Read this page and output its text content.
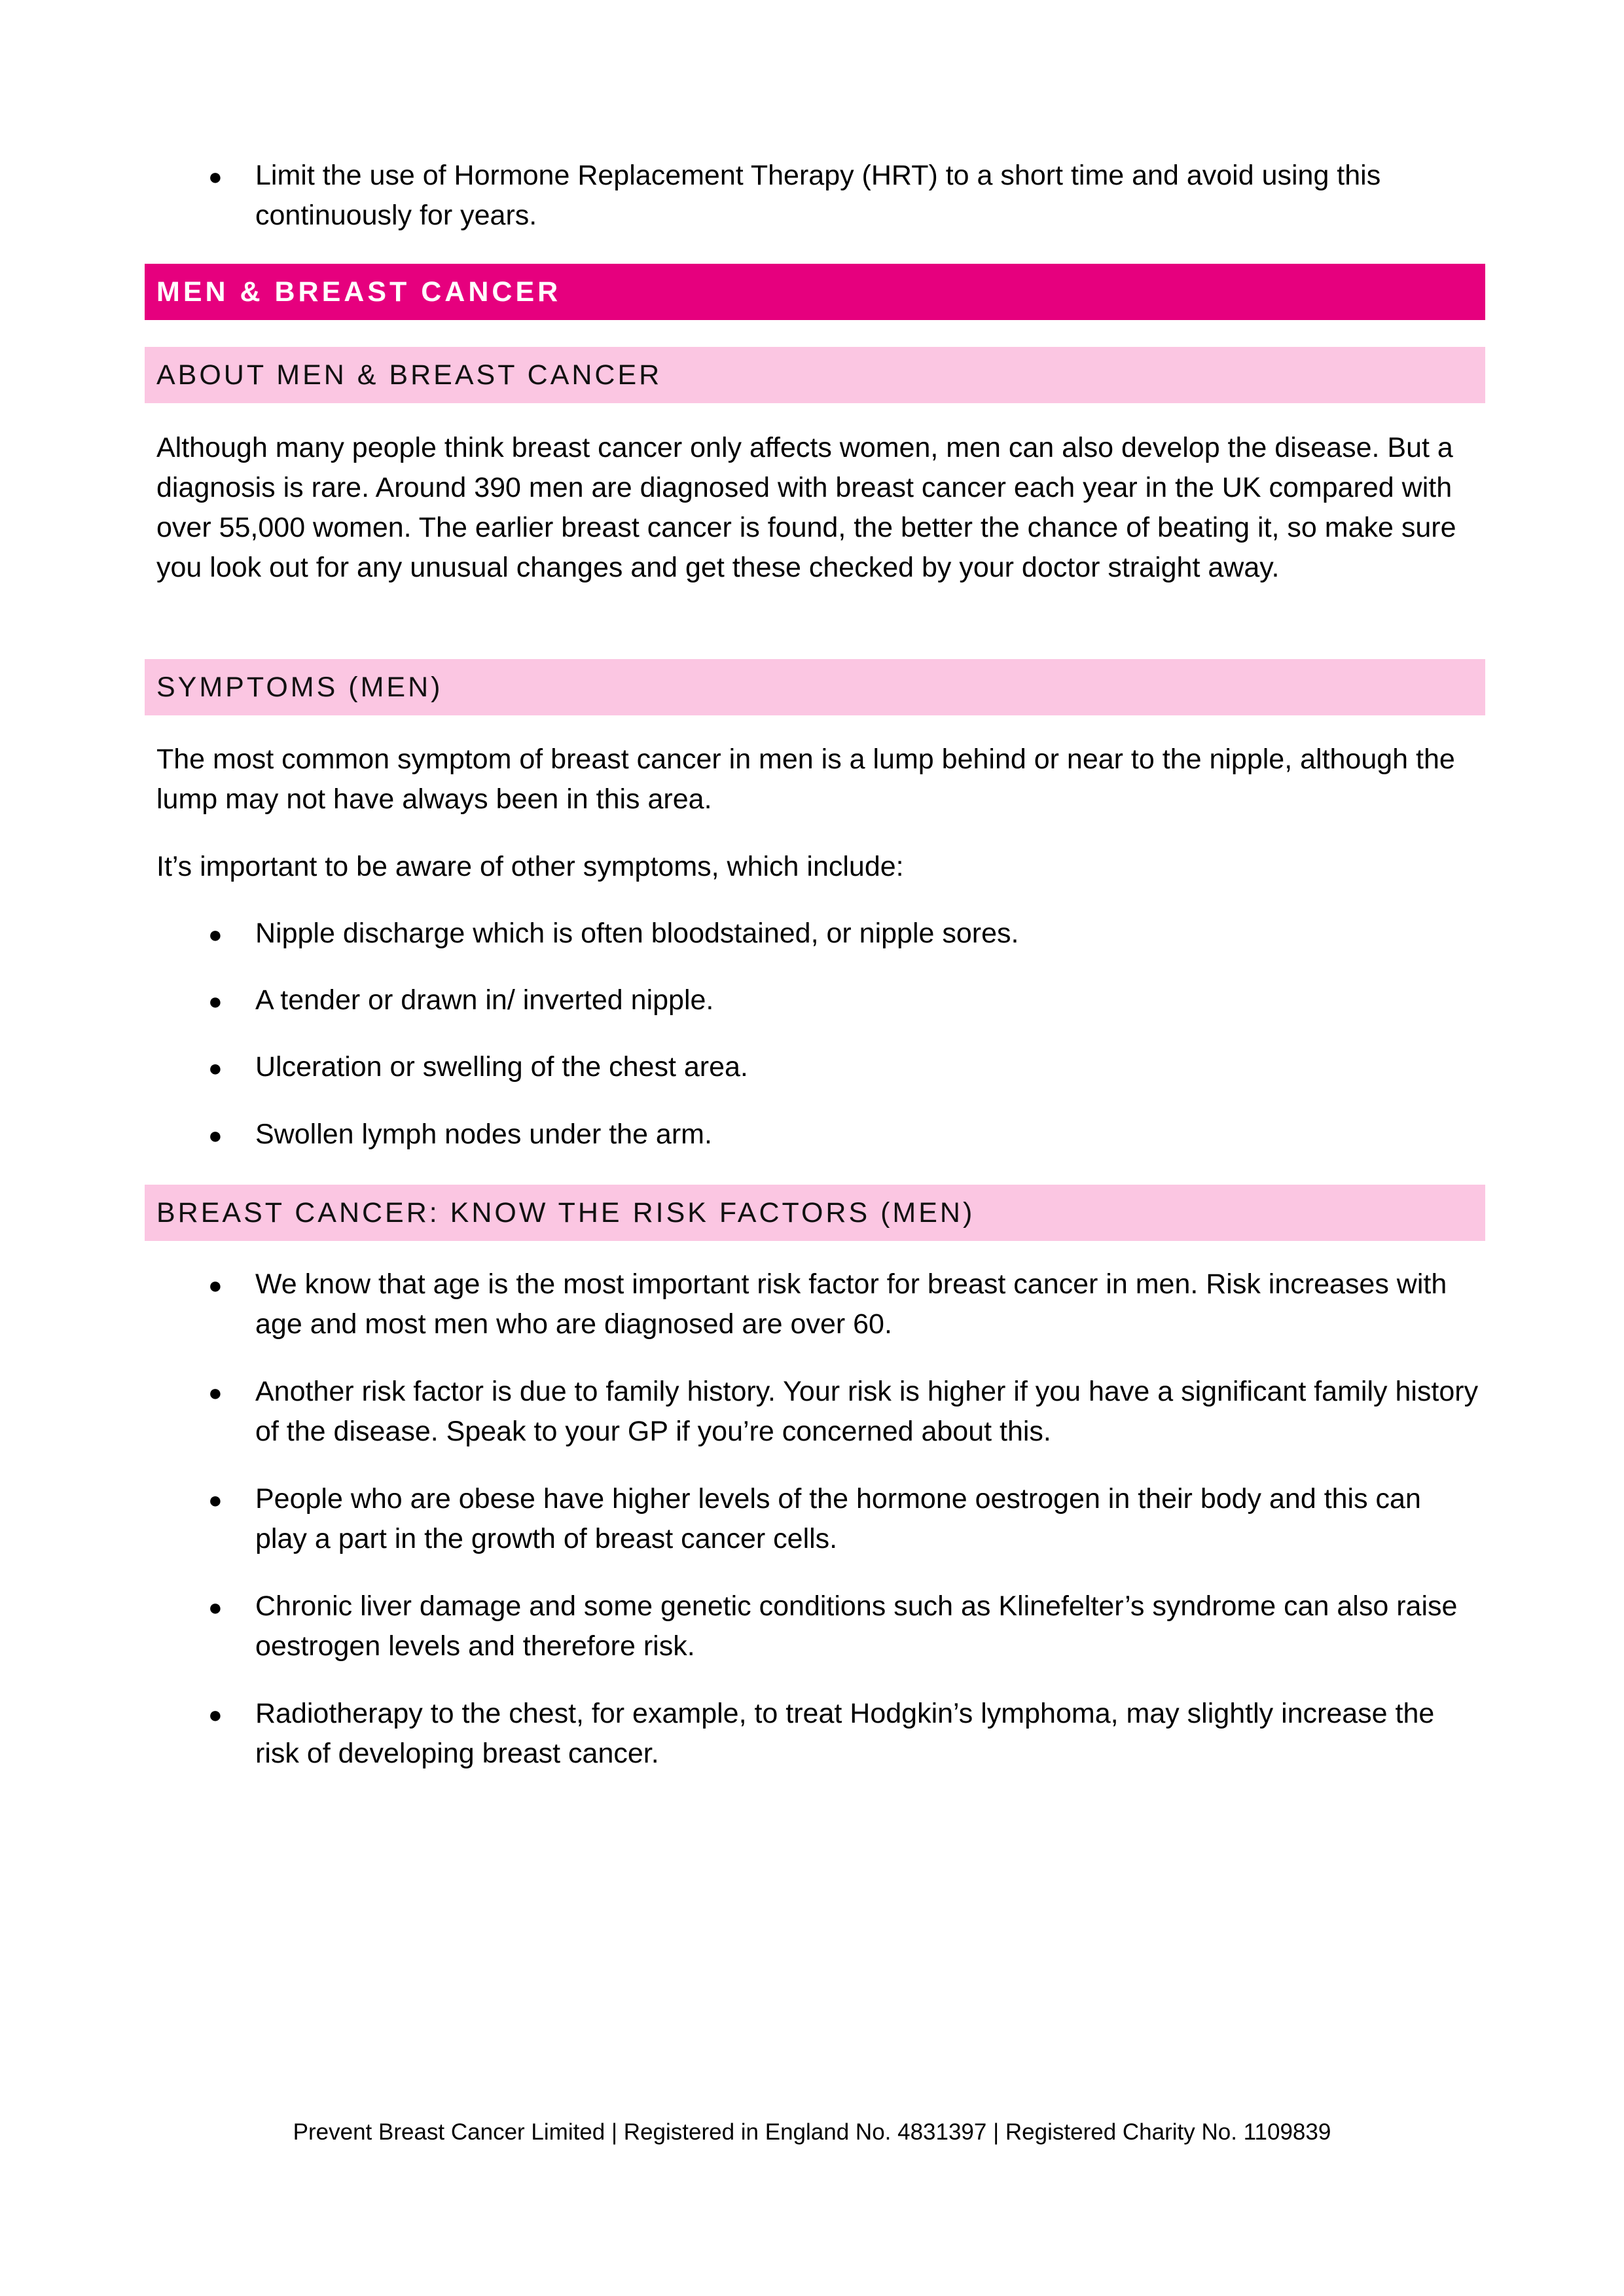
● Limit the use of Hormone Replacement Therapy (HRT) to a short time and avoid using this continuously for years.
MEN & BREAST CANCER
ABOUT MEN & BREAST CANCER
Although many people think breast cancer only affects women, men can also develop the disease. But a diagnosis is rare. Around 390 men are diagnosed with breast cancer each year in the UK compared with over 55,000 women. The earlier breast cancer is found, the better the chance of beating it, so make sure you look out for any unusual changes and get these checked by your doctor straight away.
SYMPTOMS (MEN)
The most common symptom of breast cancer in men is a lump behind or near to the nipple, although the lump may not have always been in this area.
It’s important to be aware of other symptoms, which include:
● Nipple discharge which is often bloodstained, or nipple sores.
● A tender or drawn in/ inverted nipple.
● Ulceration or swelling of the chest area.
● Swollen lymph nodes under the arm.
BREAST CANCER: KNOW THE RISK FACTORS (MEN)
● We know that age is the most important risk factor for breast cancer in men. Risk increases with age and most men who are diagnosed are over 60.
● Another risk factor is due to family history. Your risk is higher if you have a significant family history of the disease. Speak to your GP if you’re concerned about this.
● People who are obese have higher levels of the hormone oestrogen in their body and this can play a part in the growth of breast cancer cells.
● Chronic liver damage and some genetic conditions such as Klinefelter’s syndrome can also raise oestrogen levels and therefore risk.
● Radiotherapy to the chest, for example, to treat Hodgkin’s lymphoma, may slightly increase the risk of developing breast cancer.
Prevent Breast Cancer Limited | Registered in England No. 4831397 | Registered Charity No. 1109839
